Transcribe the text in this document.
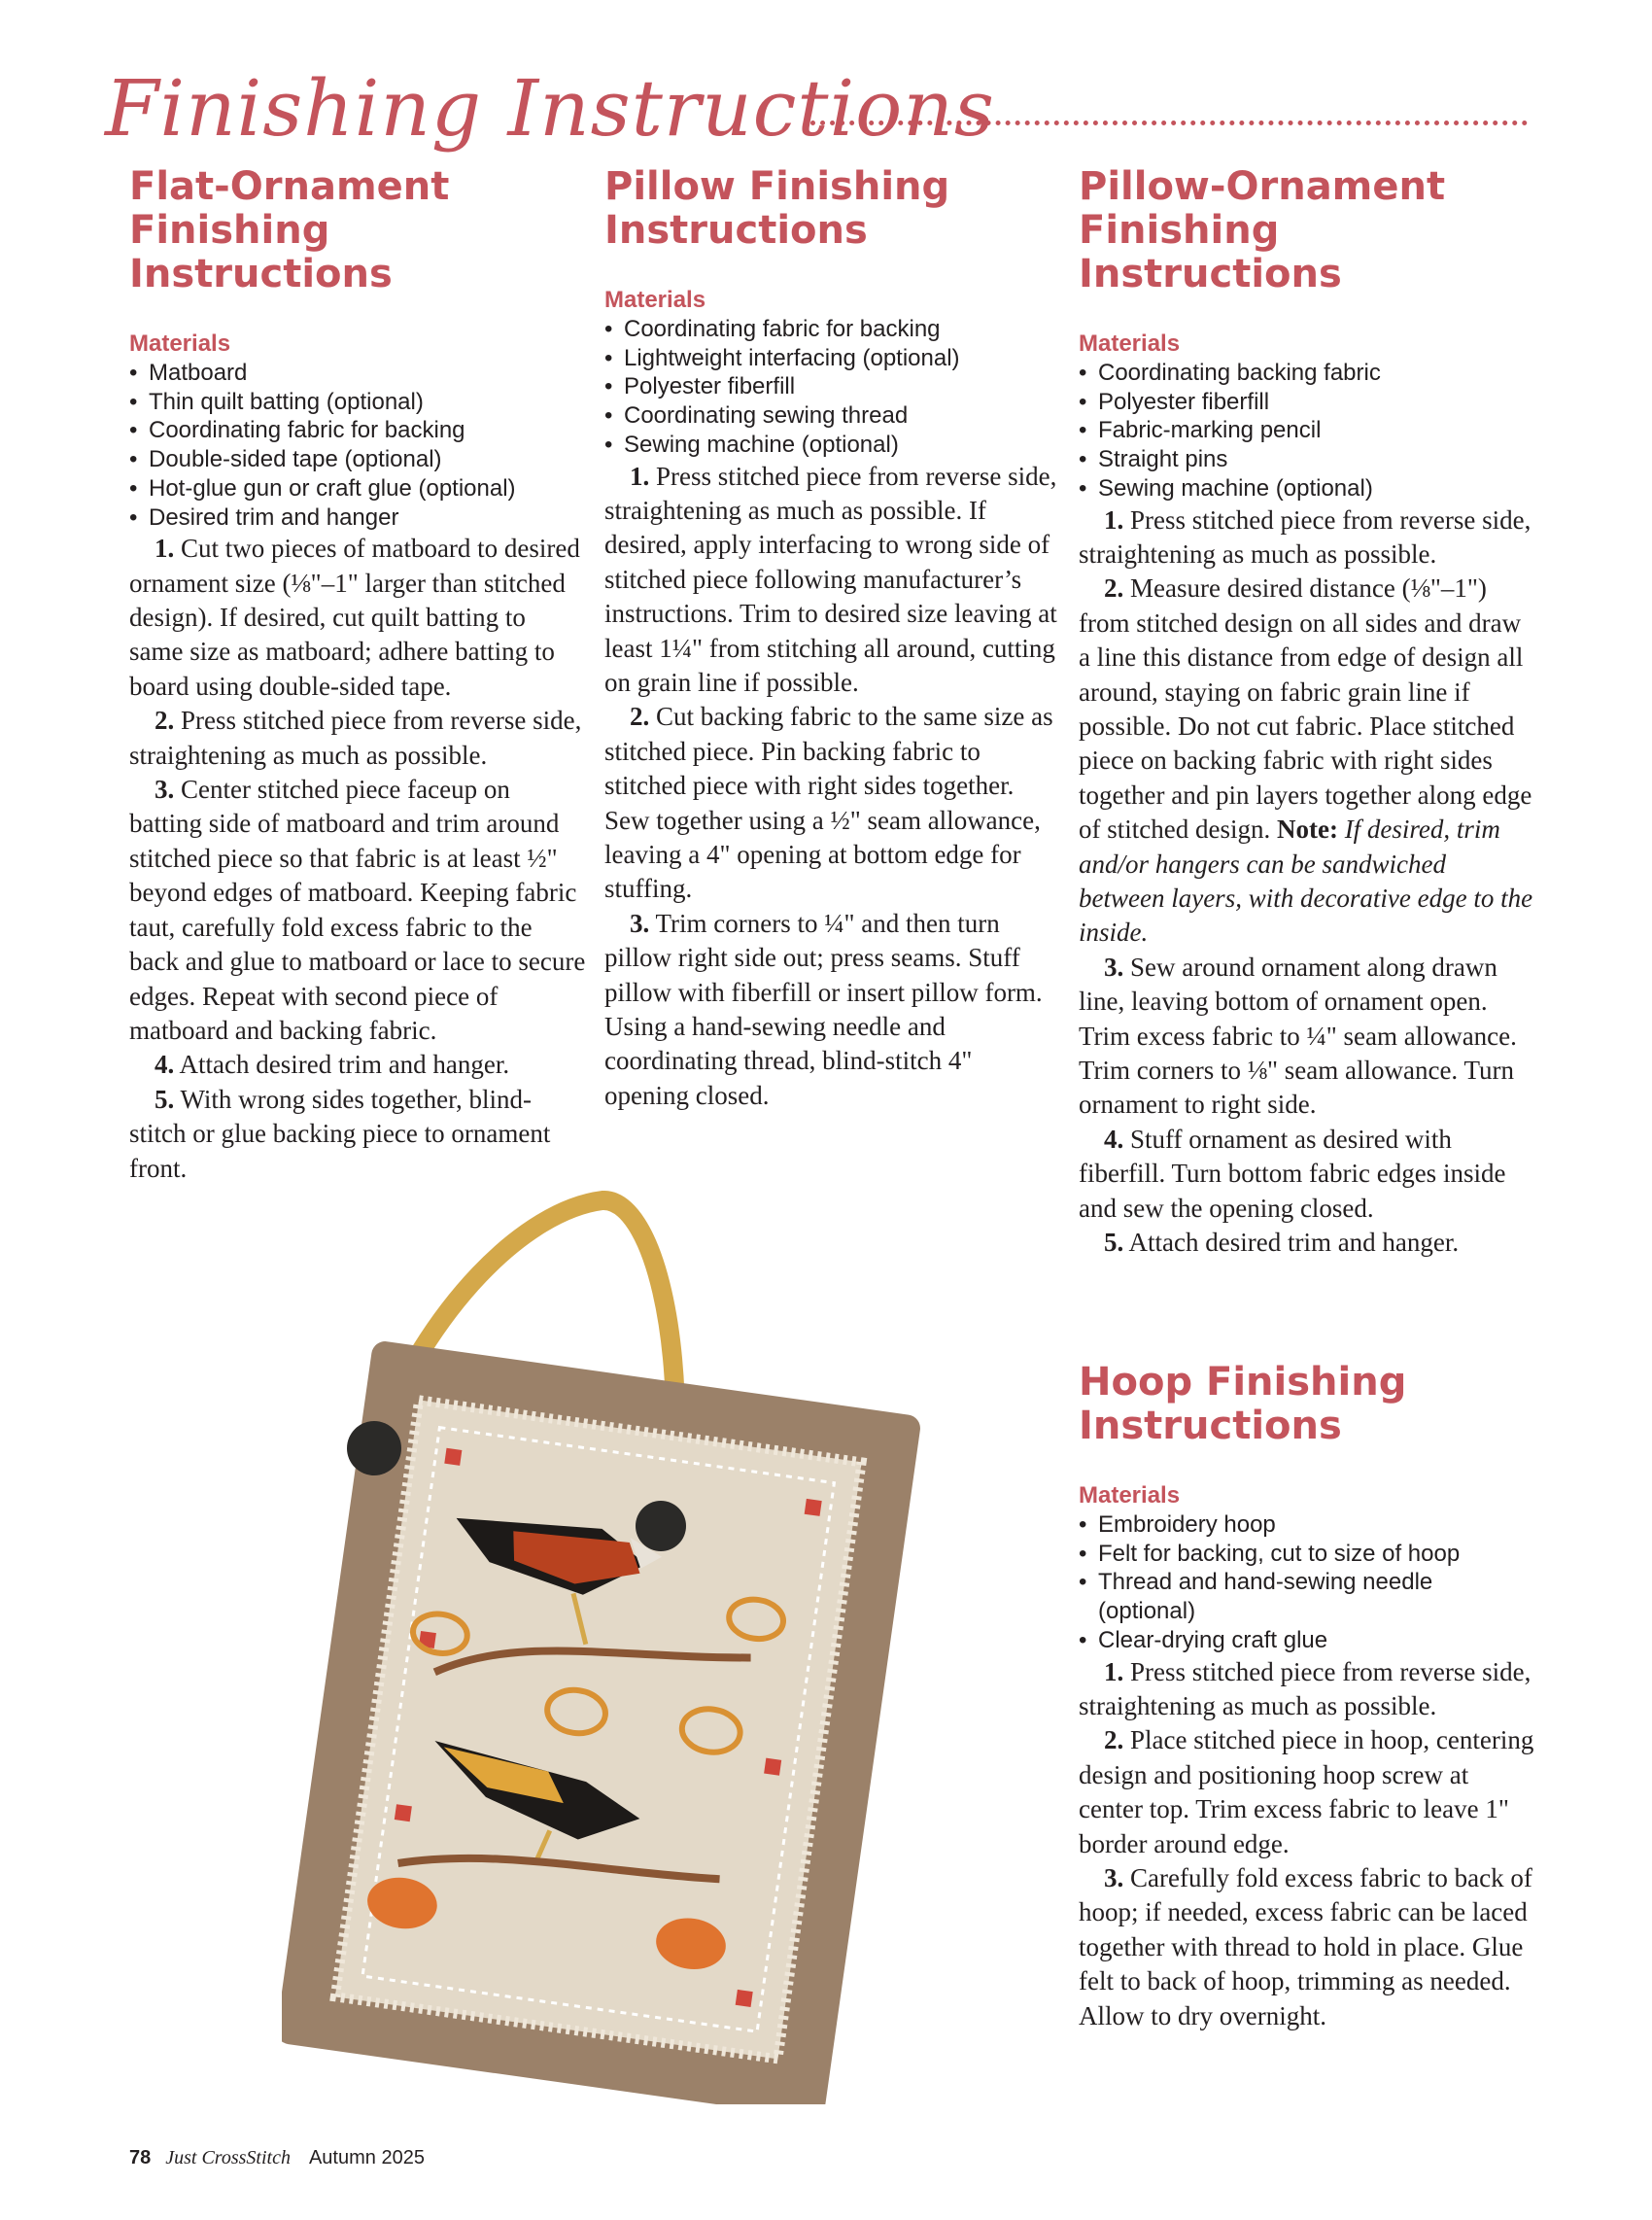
Finishing Instructions
Flat-Ornament Finishing Instructions
Materials
• Matboard
• Thin quilt batting (optional)
• Coordinating fabric for backing
• Double-sided tape (optional)
• Hot-glue gun or craft glue (optional)
• Desired trim and hanger

1. Cut two pieces of matboard to desired ornament size (⅛"–1" larger than stitched design). If desired, cut quilt batting to same size as matboard; adhere batting to board using double-sided tape.

2. Press stitched piece from reverse side, straightening as much as possible.

3. Center stitched piece faceup on batting side of matboard and trim around stitched piece so that fabric is at least ½" beyond edges of matboard. Keeping fabric taut, carefully fold excess fabric to the back and glue to matboard or lace to secure edges. Repeat with second piece of matboard and backing fabric.

4. Attach desired trim and hanger.

5. With wrong sides together, blind-stitch or glue backing piece to ornament front.

Pillow Finishing Instructions
Materials
• Coordinating fabric for backing
• Lightweight interfacing (optional)
• Polyester fiberfill
• Coordinating sewing thread
• Sewing machine (optional)

1. Press stitched piece from reverse side, straightening as much as possible. If desired, apply interfacing to wrong side of stitched piece following manufacturer’s instructions. Trim to desired size leaving at least 1¼" from stitching all around, cutting on grain line if possible.

2. Cut backing fabric to the same size as stitched piece. Pin backing fabric to stitched piece with right sides together. Sew together using a ½" seam allowance, leaving a 4" opening at bottom edge for stuffing.

3. Trim corners to ¼" and then turn pillow right side out; press seams. Stuff pillow with fiberfill or insert pillow form. Using a hand-sewing needle and coordinating thread, blind-stitch 4" opening closed.

Pillow-Ornament Finishing Instructions
Materials
• Coordinating backing fabric
• Polyester fiberfill
• Fabric-marking pencil
• Straight pins
• Sewing machine (optional)

1. Press stitched piece from reverse side, straightening as much as possible.

2. Measure desired distance (⅛"–1") from stitched design on all sides and draw a line this distance from edge of design all around, staying on fabric grain line if possible. Do not cut fabric. Place stitched piece on backing fabric with right sides together and pin layers together along edge of stitched design. Note: If desired, trim and/or hangers can be sandwiched between layers, with decorative edge to the inside.

3. Sew around ornament along drawn line, leaving bottom of ornament open. Trim excess fabric to ¼" seam allowance. Trim corners to ⅛" seam allowance. Turn ornament to right side.

4. Stuff ornament as desired with fiberfill. Turn bottom fabric edges inside and sew the opening closed.

5. Attach desired trim and hanger.

Hoop Finishing Instructions
Materials
• Embroidery hoop
• Felt for backing, cut to size of hoop
• Thread and hand-sewing needle (optional)
• Clear-drying craft glue

1. Press stitched piece from reverse side, straightening as much as possible.

2. Place stitched piece in hoop, centering design and positioning hoop screw at center top. Trim excess fabric to leave 1" border around edge.

3. Carefully fold excess fabric to back of hoop; if needed, excess fabric can be laced together with thread to hold in place. Glue felt to back of hoop, trimming as needed. Allow to dry overnight.

78 Just CrossStitch Autumn 2025
